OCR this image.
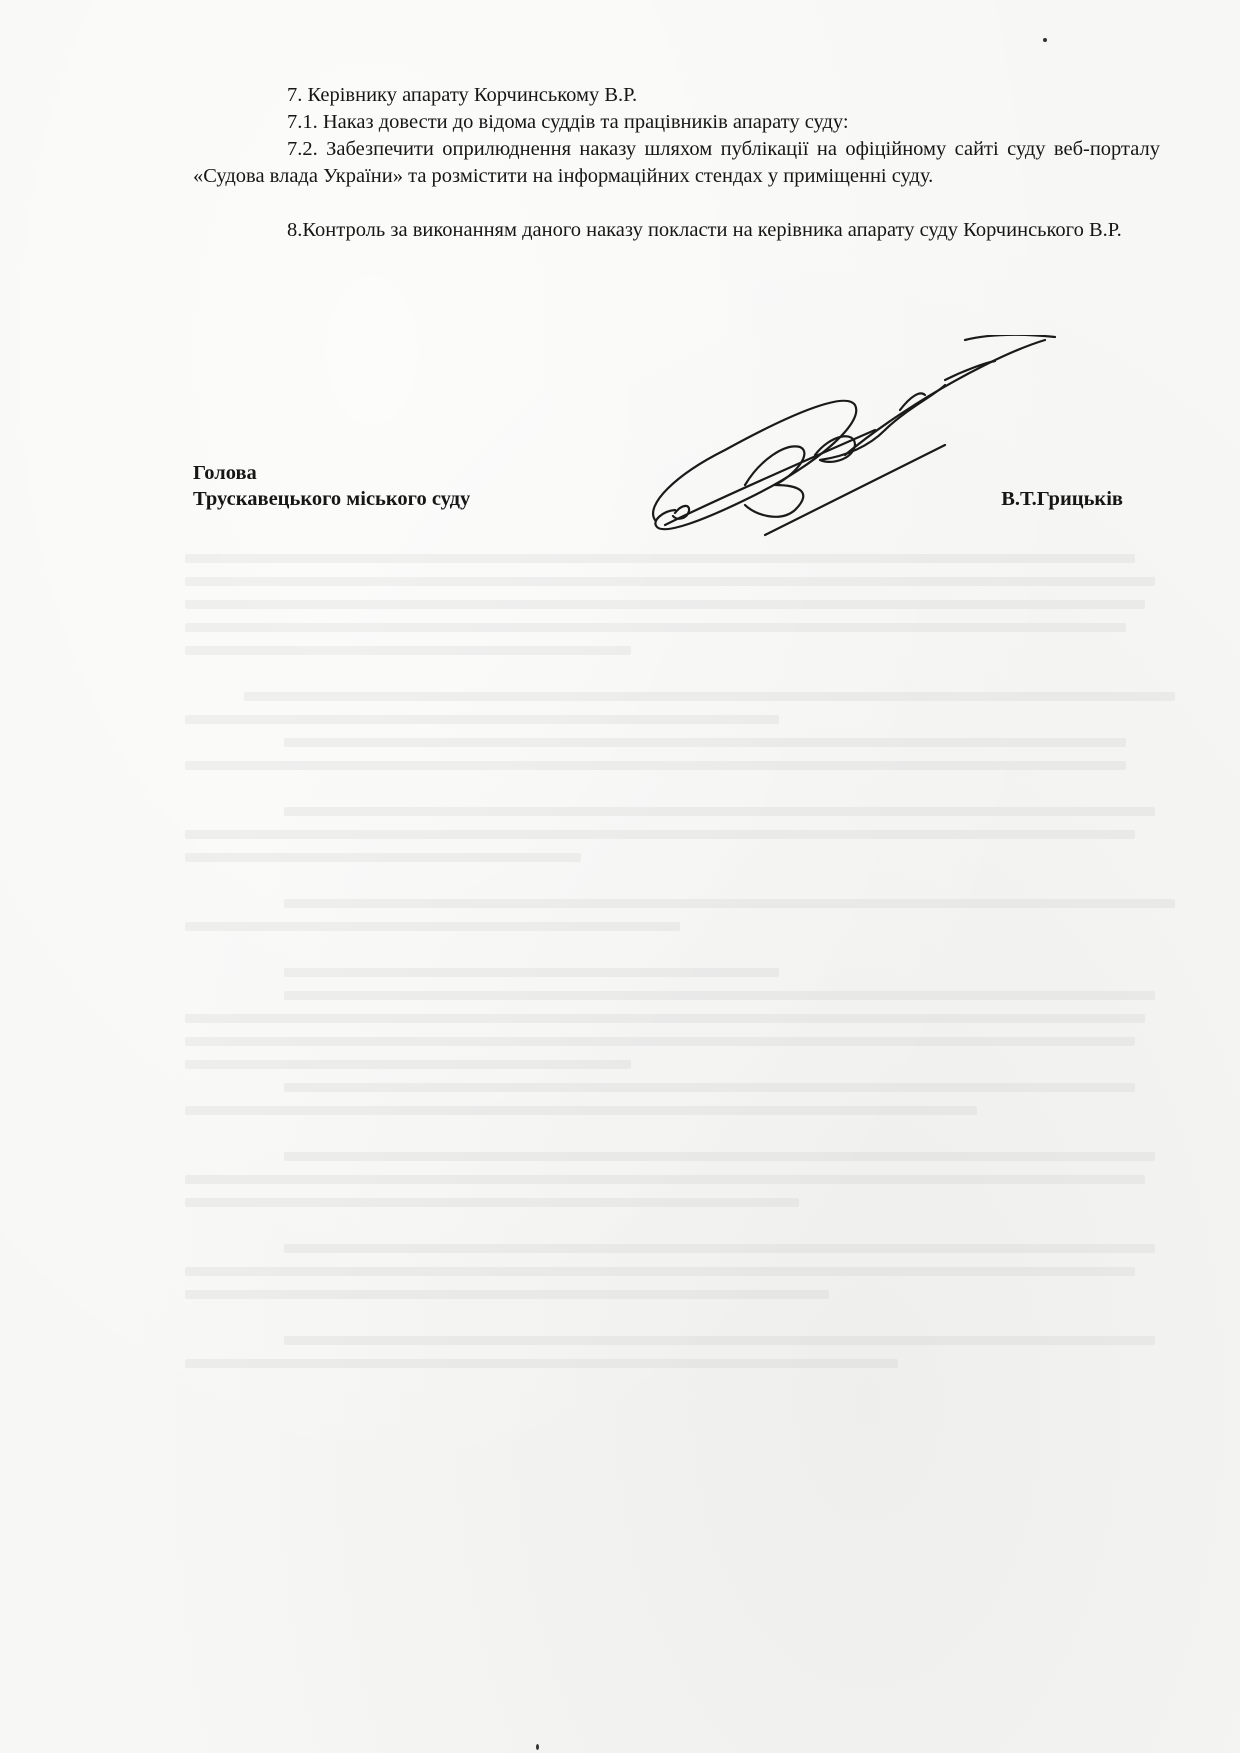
7. Керівнику апарату Корчинському В.Р.

7.1. Наказ довести до відома суддів та працівників апарату суду:

7.2. Забезпечити оприлюднення наказу шляхом публікації на офіційному сайті суду веб-порталу «Судова влада України» та розмістити на інформаційних стендах у приміщенні суду.

8.Контроль за виконанням даного наказу покласти на керівника апарату суду Корчинського В.Р.

Голова
Трускавецького міського суду	В.Т.Грицьків
